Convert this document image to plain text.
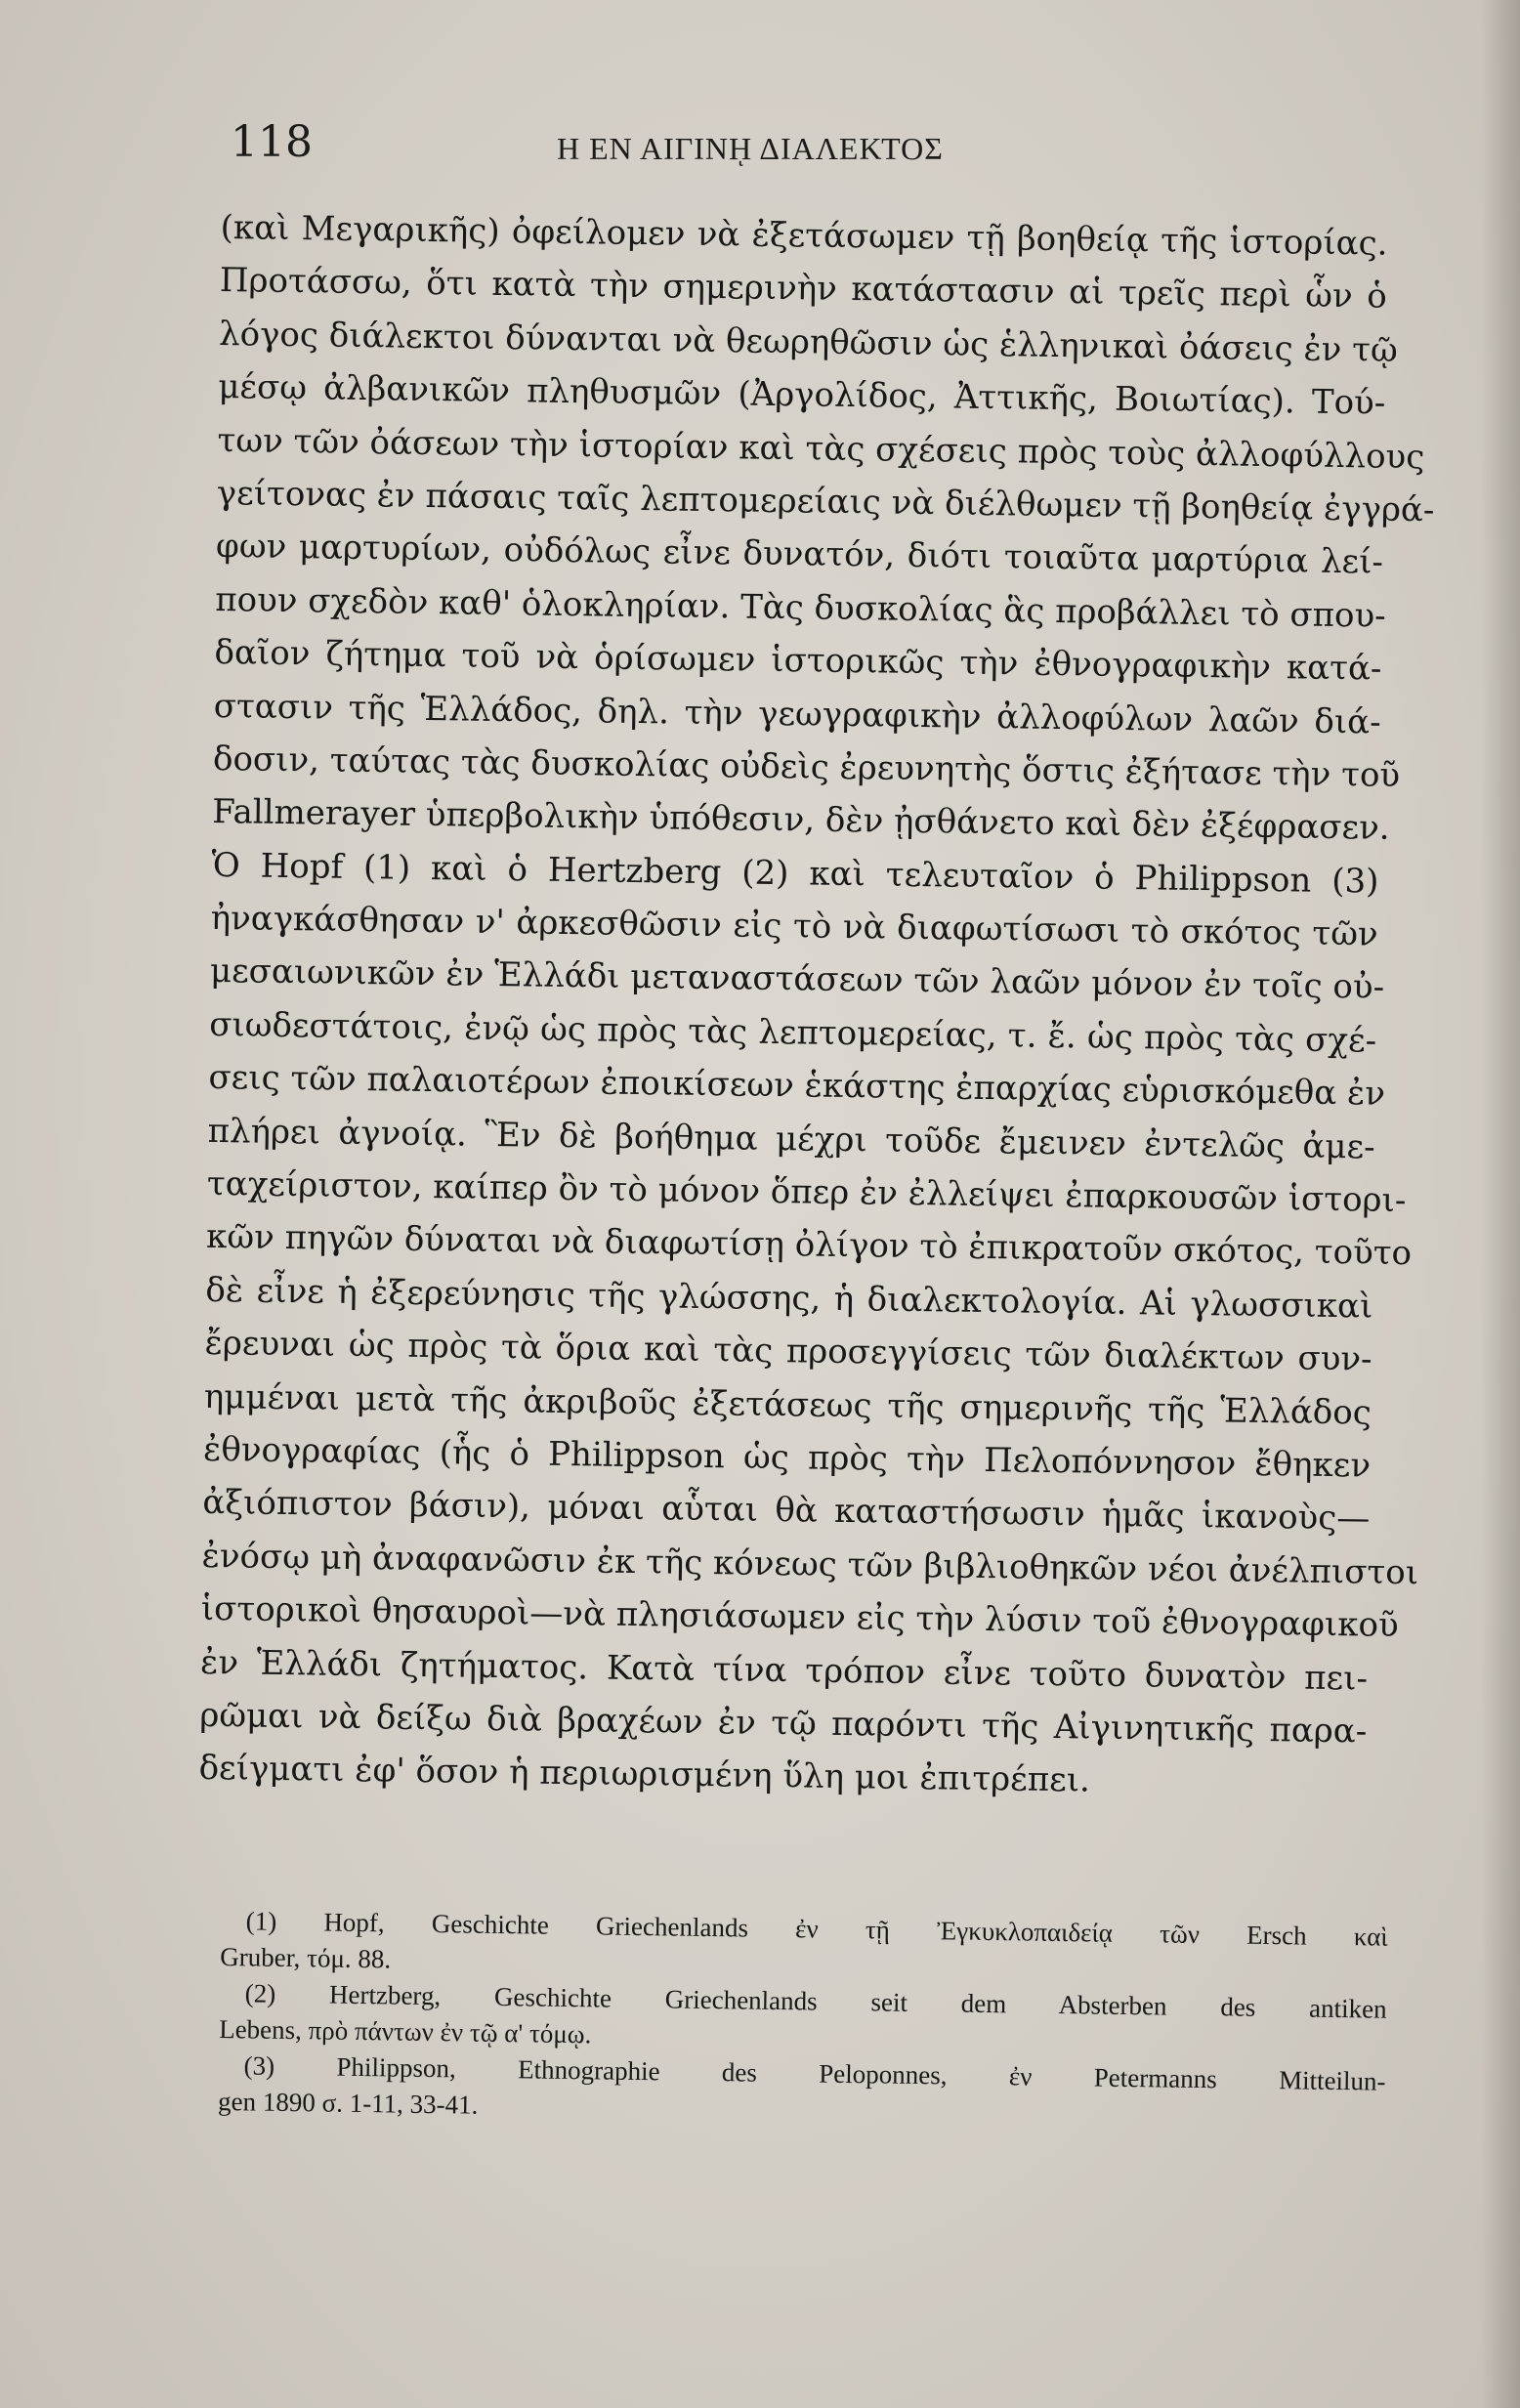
118	Η ΕΝ ΑΙΓΙΝῌ ΔΙΑΛΕΚΤΟΣ
(καὶ Μεγαρικῆς) ὀφείλομεν νὰ ἐξετάσωμεν τῇ βοηθείᾳ τῆς ἱστορίας.
Προτάσσω, ὅτι κατὰ τὴν σημερινὴν κατάστασιν αἱ τρεῖς περὶ ὧν ὁ
λόγος διάλεκτοι δύνανται νὰ θεωρηθῶσιν ὡς ἑλληνικαὶ ὀάσεις ἐν τῷ
μέσῳ ἀλβανικῶν πληθυσμῶν (Ἀργολίδος, Ἀττικῆς, Βοιωτίας). Τού-
των τῶν ὀάσεων τὴν ἱστορίαν καὶ τὰς σχέσεις πρὸς τοὺς ἀλλοφύλλους
γείτονας ἐν πάσαις ταῖς λεπτομερείαις νὰ διέλθωμεν τῇ βοηθείᾳ ἐγγρά-
φων μαρτυρίων, οὐδόλως εἶνε δυνατόν, διότι τοιαῦτα μαρτύρια λεί-
πουν σχεδὸν καθ' ὁλοκληρίαν. Τὰς δυσκολίας ἃς προβάλλει τὸ σπου-
δαῖον ζήτημα τοῦ νὰ ὁρίσωμεν ἱστορικῶς τὴν ἐθνογραφικὴν κατά-
στασιν τῆς Ἑλλάδος, δηλ. τὴν γεωγραφικὴν ἀλλοφύλων λαῶν διά-
δοσιν, ταύτας τὰς δυσκολίας οὐδεὶς ἐρευνητὴς ὅστις ἐξήτασε τὴν τοῦ
Fallmerayer ὑπερβολικὴν ὑπόθεσιν, δὲν ᾐσθάνετο καὶ δὲν ἐξέφρασεν.
Ὁ Hopf (1) καὶ ὁ Hertzberg (2) καὶ τελευταῖον ὁ Philippson (3)
ἠναγκάσθησαν ν' ἀρκεσθῶσιν εἰς τὸ νὰ διαφωτίσωσι τὸ σκότος τῶν
μεσαιωνικῶν ἐν Ἑλλάδι μεταναστάσεων τῶν λαῶν μόνον ἐν τοῖς οὐ-
σιωδεστάτοις, ἐνῷ ὡς πρὸς τὰς λεπτομερείας, τ. ἔ. ὡς πρὸς τὰς σχέ-
σεις τῶν παλαιοτέρων ἐποικίσεων ἑκάστης ἐπαρχίας εὑρισκόμεθα ἐν
πλήρει ἀγνοίᾳ. Ἓν δὲ βοήθημα μέχρι τοῦδε ἔμεινεν ἐντελῶς ἀμε-
ταχείριστον, καίπερ ὂν τὸ μόνον ὅπερ ἐν ἐλλείψει ἐπαρκουσῶν ἱστορι-
κῶν πηγῶν δύναται νὰ διαφωτίσῃ ὀλίγον τὸ ἐπικρατοῦν σκότος, τοῦτο
δὲ εἶνε ἡ ἐξερεύνησις τῆς γλώσσης, ἡ διαλεκτολογία. Αἱ γλωσσικαὶ
ἔρευναι ὡς πρὸς τὰ ὅρια καὶ τὰς προσεγγίσεις τῶν διαλέκτων συν-
ημμέναι μετὰ τῆς ἀκριβοῦς ἐξετάσεως τῆς σημερινῆς τῆς Ἑλλάδος
ἐθνογραφίας (ἧς ὁ Philippson ὡς πρὸς τὴν Πελοπόννησον ἔθηκεν
ἀξιόπιστον βάσιν), μόναι αὗται θὰ καταστήσωσιν ἡμᾶς ἱκανοὺς—
ἐνόσῳ μὴ ἀναφανῶσιν ἐκ τῆς κόνεως τῶν βιβλιοθηκῶν νέοι ἀνέλπιστοι
ἱστορικοὶ θησαυροὶ—νὰ πλησιάσωμεν εἰς τὴν λύσιν τοῦ ἐθνογραφικοῦ
ἐν Ἑλλάδι ζητήματος. Κατὰ τίνα τρόπον εἶνε τοῦτο δυνατὸν πει-
ρῶμαι νὰ δείξω διὰ βραχέων ἐν τῷ παρόντι τῆς Αἰγινητικῆς παρα-
δείγματι ἐφ' ὅσον ἡ περιωρισμένη ὕλη μοι ἐπιτρέπει.
(1) Hopf, Geschichte Griechenlands ἐν τῇ Ἐγκυκλοπαιδείᾳ τῶν Ersch καὶ
Gruber, τόμ. 88.
(2) Hertzberg, Geschichte Griechenlands seit dem Absterben des antiken
Lebens, πρὸ πάντων ἐν τῷ α' τόμῳ.
(3) Philippson, Ethnographie des Peloponnes, ἐν Petermanns Mitteilun-
gen 1890 σ. 1-11, 33-41.
